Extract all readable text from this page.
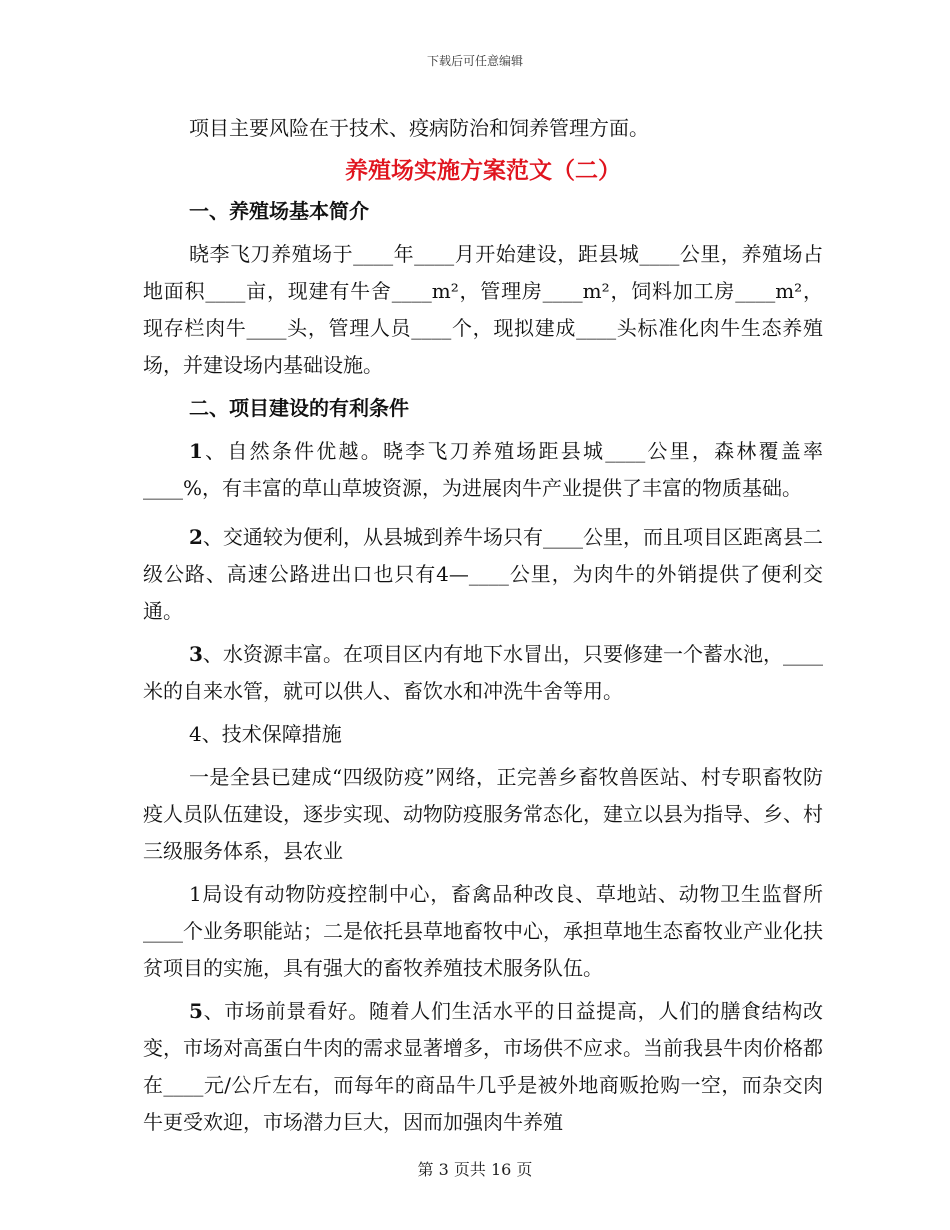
下载后可任意编辑

项目主要风险在于技术、疫病防治和饲养管理方面。

养殖场实施方案范文（二）

一、养殖场基本简介

晓李飞刀养殖场于____年____月开始建设，距县城____公里，养殖场占地面积____亩，现建有牛舍____m²，管理房____m²，饲料加工房____m²，现存栏肉牛____头，管理人员____个，现拟建成____头标准化肉牛生态养殖场，并建设场内基础设施。

二、项目建设的有利条件

1、自然条件优越。晓李飞刀养殖场距县城____公里，森林覆盖率____%，有丰富的草山草坡资源，为进展肉牛产业提供了丰富的物质基础。

2、交通较为便利，从县城到养牛场只有____公里，而且项目区距离县二级公路、高速公路进出口也只有4—____公里，为肉牛的外销提供了便利交通。

3、水资源丰富。在项目区内有地下水冒出，只要修建一个蓄水池，____米的自来水管，就可以供人、畜饮水和冲洗牛舍等用。

4、技术保障措施

一是全县已建成“四级防疫”网络，正完善乡畜牧兽医站、村专职畜牧防疫人员队伍建设，逐步实现、动物防疫服务常态化，建立以县为指导、乡、村三级服务体系，县农业

1局设有动物防疫控制中心，畜禽品种改良、草地站、动物卫生监督所____个业务职能站；二是依托县草地畜牧中心，承担草地生态畜牧业产业化扶贫项目的实施，具有强大的畜牧养殖技术服务队伍。

5、市场前景看好。随着人们生活水平的日益提高，人们的膳食结构改变，市场对高蛋白牛肉的需求显著增多，市场供不应求。当前我县牛肉价格都在____元/公斤左右，而每年的商品牛几乎是被外地商贩抢购一空，而杂交肉牛更受欢迎，市场潜力巨大，因而加强肉牛养殖

第 3 页共 16 页
